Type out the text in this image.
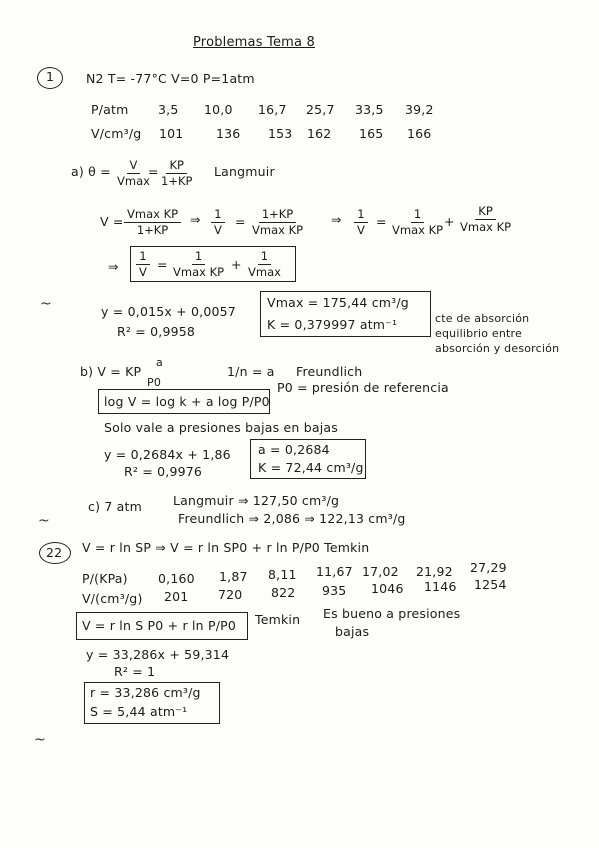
Problemas Tema 8
1	N2 T= -77°C V=0 P=1atm
P/atm 3,5 10,0 16,7 25,7 33,5 39,2
V/cm³/g 101	136 153 162 165 166
a) θ = V
Vmax
= $\frac{KP}{1+KP}$ Langmuir
V = Vmax KP
1+KP
⇒ $\frac{1}{V} = 1+KP$
Vmax KP
⇒ $\frac{1}{V} = 1$
Vmax KP
+
KP
Vmax KP
⇒ $\frac{1}{V}$ =
1
Vmax KP
+
1
Vmax
~	y = 0,015x + 0,0057
R² = 0,9958
Vmax = 175,44 cm³/g
K = 0,379997 atm⁻¹	cte de absorción
equilibrio entre
absorción y desorción
b) V = KP
a
P0
1/n = a Freundlich
log V = log k + a log P/P0
P0 = presión de referencia
Solo vale a presiones bajas en bajas
y = 0,2684x + 1,86
R² = 0,9976
a = 0,2684
K = 72,44 cm³/g
c) 7 atm Langmuir ⇒ 127,50 cm³/g
Freundlich ⇒ 2,086 ⇒ 122,13 cm³/g
~
22 V = r ln SP ⇒ V = r ln SP0 + r ln P/P0 Temkin
P/(KPa) 0,160 1,87 8,11 11,67 17,02 21,92 27,29
V/(cm³/g) 201 720 822 935 1046 1146 1254
V = r ln S P0 + r ln P/P0 Temkin Es bueno a presiones
bajas
y = 33,286x + 59,314
R² = 1
r = 33,286 cm³/g
S = 5,44 atm⁻¹
~
